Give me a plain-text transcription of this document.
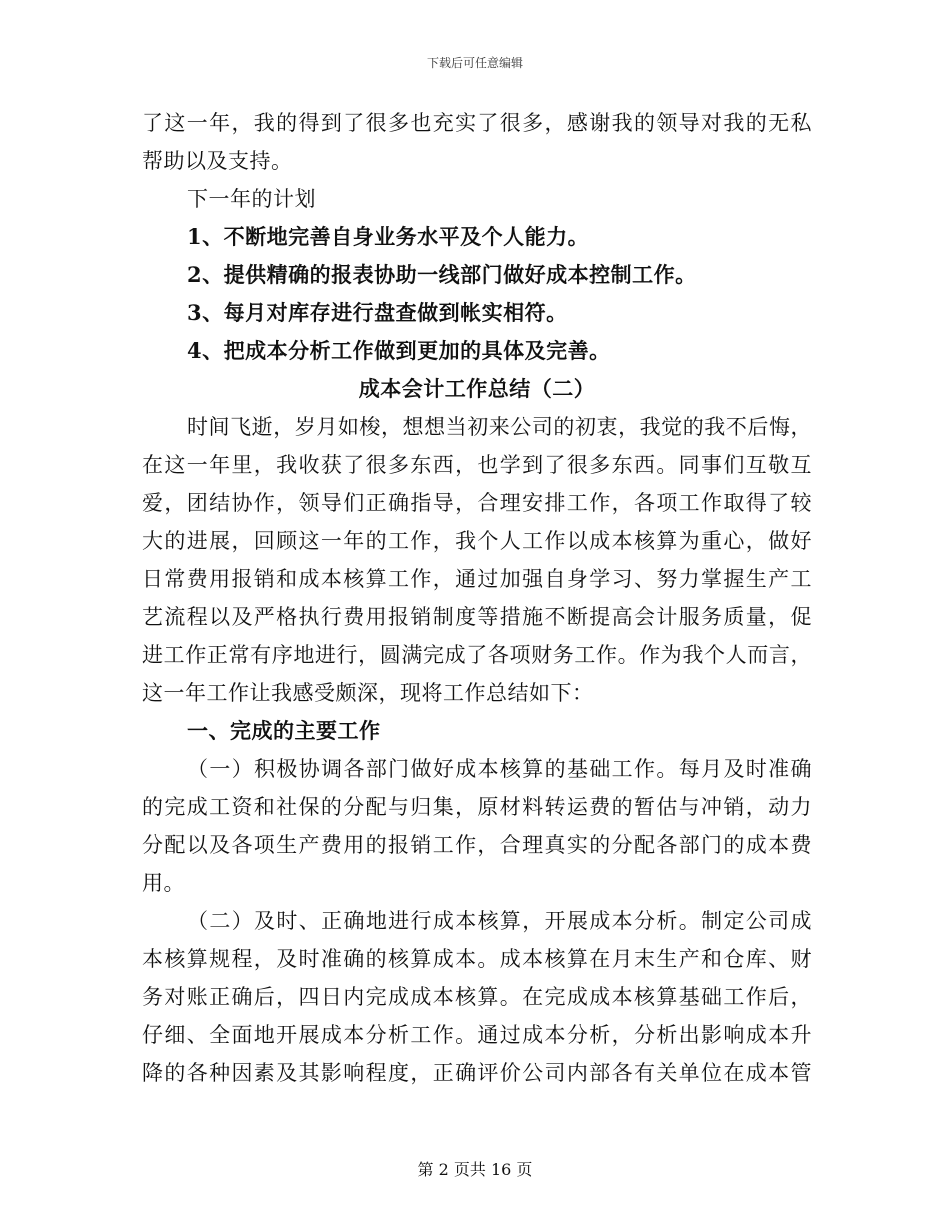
下载后可任意编辑
了这一年，我的得到了很多也充实了很多，感谢我的领导对我的无私
帮助以及支持。
下一年的计划
1、不断地完善自身业务水平及个人能力。
2、提供精确的报表协助一线部门做好成本控制工作。
3、每月对库存进行盘查做到帐实相符。
4、把成本分析工作做到更加的具体及完善。
成本会计工作总结（二）
时间飞逝，岁月如梭，想想当初来公司的初衷，我觉的我不后悔，
在这一年里，我收获了很多东西，也学到了很多东西。同事们互敬互
爱，团结协作，领导们正确指导，合理安排工作，各项工作取得了较
大的进展，回顾这一年的工作，我个人工作以成本核算为重心，做好
日常费用报销和成本核算工作，通过加强自身学习、努力掌握生产工
艺流程以及严格执行费用报销制度等措施不断提高会计服务质量，促
进工作正常有序地进行，圆满完成了各项财务工作。作为我个人而言，
这一年工作让我感受颇深，现将工作总结如下：
一、完成的主要工作
（一）积极协调各部门做好成本核算的基础工作。每月及时准确
的完成工资和社保的分配与归集，原材料转运费的暂估与冲销，动力
分配以及各项生产费用的报销工作，合理真实的分配各部门的成本费
用。
（二）及时、正确地进行成本核算，开展成本分析。制定公司成
本核算规程，及时准确的核算成本。成本核算在月末生产和仓库、财
务对账正确后，四日内完成成本核算。在完成成本核算基础工作后，
仔细、全面地开展成本分析工作。通过成本分析，分析出影响成本升
降的各种因素及其影响程度，正确评价公司内部各有关单位在成本管
第 2 页共 16 页
